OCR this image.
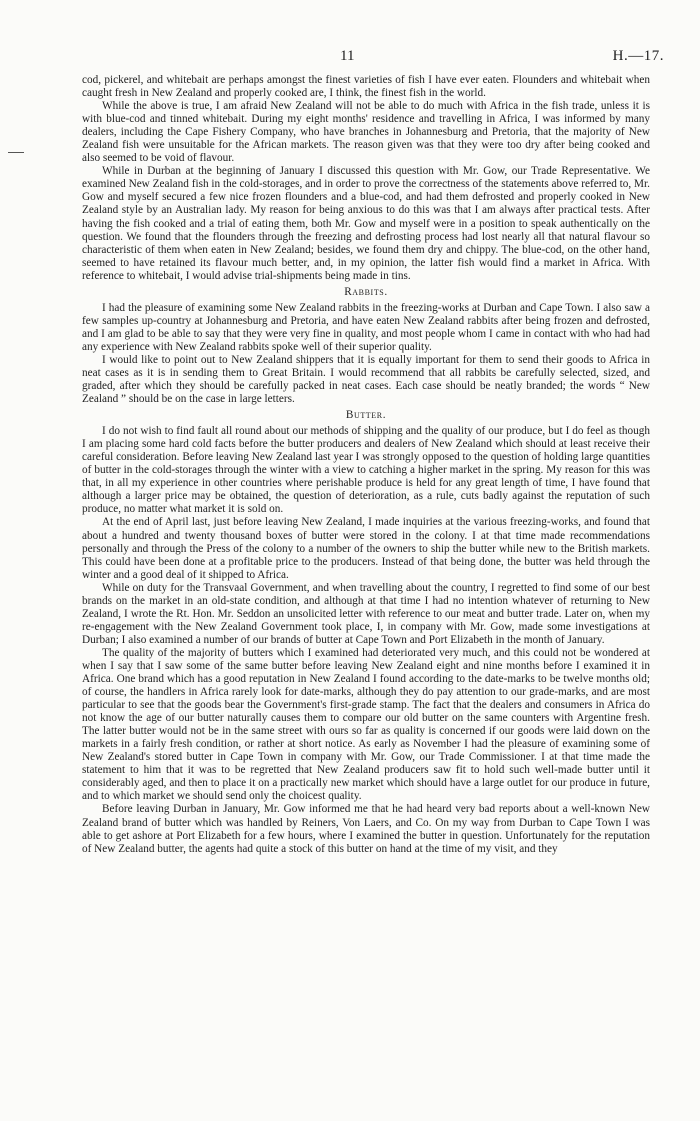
11	H.—17.

cod, pickerel, and whitebait are perhaps amongst the finest varieties of fish I have ever eaten. Flounders and whitebait when caught fresh in New Zealand and properly cooked are, I think, the finest fish in the world.

While the above is true, I am afraid New Zealand will not be able to do much with Africa in the fish trade, unless it is with blue-cod and tinned whitebait. During my eight months' residence and travelling in Africa, I was informed by many dealers, including the Cape Fishery Company, who have branches in Johannesburg and Pretoria, that the majority of New Zealand fish were unsuitable for the African markets. The reason given was that they were too dry after being cooked and also seemed to be void of flavour.

While in Durban at the beginning of January I discussed this question with Mr. Gow, our Trade Representative. We examined New Zealand fish in the cold-storages, and in order to prove the correctness of the statements above referred to, Mr. Gow and myself secured a few nice frozen flounders and a blue-cod, and had them defrosted and properly cooked in New Zealand style by an Australian lady. My reason for being anxious to do this was that I am always after practical tests. After having the fish cooked and a trial of eating them, both Mr. Gow and myself were in a position to speak authentically on the question. We found that the flounders through the freezing and defrosting process had lost nearly all that natural flavour so characteristic of them when eaten in New Zealand; besides, we found them dry and chippy. The blue-cod, on the other hand, seemed to have retained its flavour much better, and, in my opinion, the latter fish would find a market in Africa. With reference to whitebait, I would advise trial-shipments being made in tins.

Rabbits.

I had the pleasure of examining some New Zealand rabbits in the freezing-works at Durban and Cape Town. I also saw a few samples up-country at Johannesburg and Pretoria, and have eaten New Zealand rabbits after being frozen and defrosted, and I am glad to be able to say that they were very fine in quality, and most people whom I came in contact with who had had any experience with New Zealand rabbits spoke well of their superior quality.

I would like to point out to New Zealand shippers that it is equally important for them to send their goods to Africa in neat cases as it is in sending them to Great Britain. I would recommend that all rabbits be carefully selected, sized, and graded, after which they should be carefully packed in neat cases. Each case should be neatly branded; the words “ New Zealand ” should be on the case in large letters.

Butter.

I do not wish to find fault all round about our methods of shipping and the quality of our produce, but I do feel as though I am placing some hard cold facts before the butter producers and dealers of New Zealand which should at least receive their careful consideration. Before leaving New Zealand last year I was strongly opposed to the question of holding large quantities of butter in the cold-storages through the winter with a view to catching a higher market in the spring. My reason for this was that, in all my experience in other countries where perishable produce is held for any great length of time, I have found that although a larger price may be obtained, the question of deterioration, as a rule, cuts badly against the reputation of such produce, no matter what market it is sold on.

At the end of April last, just before leaving New Zealand, I made inquiries at the various freezing-works, and found that about a hundred and twenty thousand boxes of butter were stored in the colony. I at that time made recommendations personally and through the Press of the colony to a number of the owners to ship the butter while new to the British markets. This could have been done at a profitable price to the producers. Instead of that being done, the butter was held through the winter and a good deal of it shipped to Africa.

While on duty for the Transvaal Government, and when travelling about the country, I regretted to find some of our best brands on the market in an old-state condition, and although at that time I had no intention whatever of returning to New Zealand, I wrote the Rt. Hon. Mr. Seddon an unsolicited letter with reference to our meat and butter trade. Later on, when my re-engagement with the New Zealand Government took place, I, in company with Mr. Gow, made some investigations at Durban; I also examined a number of our brands of butter at Cape Town and Port Elizabeth in the month of January.

The quality of the majority of butters which I examined had deteriorated very much, and this could not be wondered at when I say that I saw some of the same butter before leaving New Zealand eight and nine months before I examined it in Africa. One brand which has a good reputation in New Zealand I found according to the date-marks to be twelve months old; of course, the handlers in Africa rarely look for date-marks, although they do pay attention to our grade-marks, and are most particular to see that the goods bear the Government's first-grade stamp. The fact that the dealers and consumers in Africa do not know the age of our butter naturally causes them to compare our old butter on the same counters with Argentine fresh. The latter butter would not be in the same street with ours so far as quality is concerned if our goods were laid down on the markets in a fairly fresh condition, or rather at short notice. As early as November I had the pleasure of examining some of New Zealand's stored butter in Cape Town in company with Mr. Gow, our Trade Commissioner. I at that time made the statement to him that it was to be regretted that New Zealand producers saw fit to hold such well-made butter until it considerably aged, and then to place it on a practically new market which should have a large outlet for our produce in future, and to which market we should send only the choicest quality.

Before leaving Durban in January, Mr. Gow informed me that he had heard very bad reports about a well-known New Zealand brand of butter which was handled by Reiners, Von Laers, and Co. On my way from Durban to Cape Town I was able to get ashore at Port Elizabeth for a few hours, where I examined the butter in question. Unfortunately for the reputation of New Zealand butter, the agents had quite a stock of this butter on hand at the time of my visit, and they
